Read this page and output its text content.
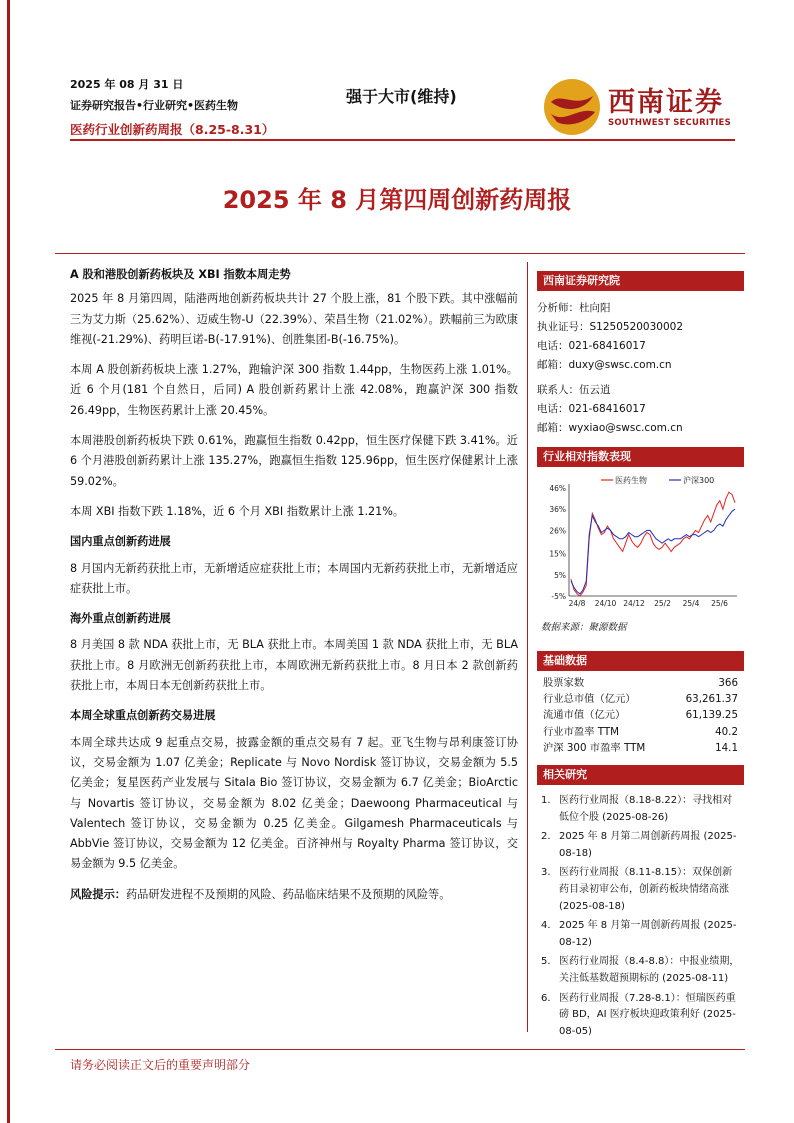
2025 年 08 月 31 日
证券研究报告•行业研究•医药生物
医药行业创新药周报（8.25-8.31）
强于大市(维持)	西南证券
SOUTHWEST SECURITIES
2025 年 8 月第四周创新药周报
A 股和港股创新药板块及 XBI 指数本周走势

2025 年 8 月第四周，陆港两地创新药板块共计 27 个股上涨，81 个股下跌。其中涨幅前三为艾力斯（25.62%）、迈威生物-U（22.39%）、荣昌生物（21.02%）。跌幅前三为欧康维视(-21.29%)、药明巨诺-B(-17.91%)、创胜集团-B(-16.75%)。

本周 A 股创新药板块上涨 1.27%，跑输沪深 300 指数 1.44pp，生物医药上涨 1.01%。近 6 个月(181 个自然日，后同) A 股创新药累计上涨 42.08%，跑赢沪深 300 指数 26.49pp，生物医药累计上涨 20.45%。

本周港股创新药板块下跌 0.61%，跑赢恒生指数 0.42pp，恒生医疗保健下跌 3.41%。近 6 个月港股创新药累计上涨 135.27%，跑赢恒生指数 125.96pp，恒生医疗保健累计上涨 59.02%。

本周 XBI 指数下跌 1.18%，近 6 个月 XBI 指数累计上涨 1.21%。

国内重点创新药进展

8 月国内无新药获批上市，无新增适应症获批上市；本周国内无新药获批上市，无新增适应症获批上市。

海外重点创新药进展

8 月美国 8 款 NDA 获批上市，无 BLA 获批上市。本周美国 1 款 NDA 获批上市，无 BLA 获批上市。8 月欧洲无创新药获批上市，本周欧洲无新药获批上市。8 月日本 2 款创新药获批上市，本周日本无创新药获批上市。

本周全球重点创新药交易进展

本周全球共达成 9 起重点交易，披露金额的重点交易有 7 起。亚飞生物与昂利康签订协议，交易金额为 1.07 亿美金；Replicate 与 Novo Nordisk 签订协议，交易金额为 5.5 亿美金；复星医药产业发展与 Sitala Bio 签订协议，交易金额为 6.7 亿美金；BioArctic 与 Novartis 签订协议，交易金额为 8.02 亿美金；Daewoong Pharmaceutical 与 Valentech 签订协议，交易金额为 0.25 亿美金。Gilgamesh Pharmaceuticals 与 AbbVie 签订协议，交易金额为 12 亿美金。百济神州与 Royalty Pharma 签订协议，交易金额为 9.5 亿美金。

风险提示：药品研发进程不及预期的风险、药品临床结果不及预期的风险等。

西南证券研究院
分析师：杜向阳
执业证号：S1250520030002
电话：021-68416017
邮箱：duxy@swsc.com.cn
联系人：伍云逍
电话：021-68416017
邮箱：wyxiao@swsc.com.cn
行业相对指数表现
46%
36%
26%
15%
5%
-5%
24/8 24/10 24/12 25/2 25/4 25/6
医药生物	沪深300
数据来源：聚源数据
基础数据
股票家数	366
行业总市值（亿元）	63,261.37
流通市值（亿元）	61,139.25
行业市盈率 TTM	40.2
沪深 300 市盈率 TTM	14.1
相关研究
1. 医药行业周报（8.18-8.22）：寻找相对低位个股 (2025-08-26)
2. 2025 年 8 月第二周创新药周报 (2025-08-18)
3. 医药行业周报（8.11-8.15）：双保创新药目录初审公布，创新药板块情绪高涨 (2025-08-18)
4. 2025 年 8 月第一周创新药周报 (2025-08-12)
5. 医药行业周报（8.4-8.8）：中报业绩期，关注低基数超预期标的 (2025-08-11)
6. 医药行业周报（7.28-8.1）：恒瑞医药重磅 BD，AI 医疗板块迎政策利好 (2025-08-05)
请务必阅读正文后的重要声明部分
